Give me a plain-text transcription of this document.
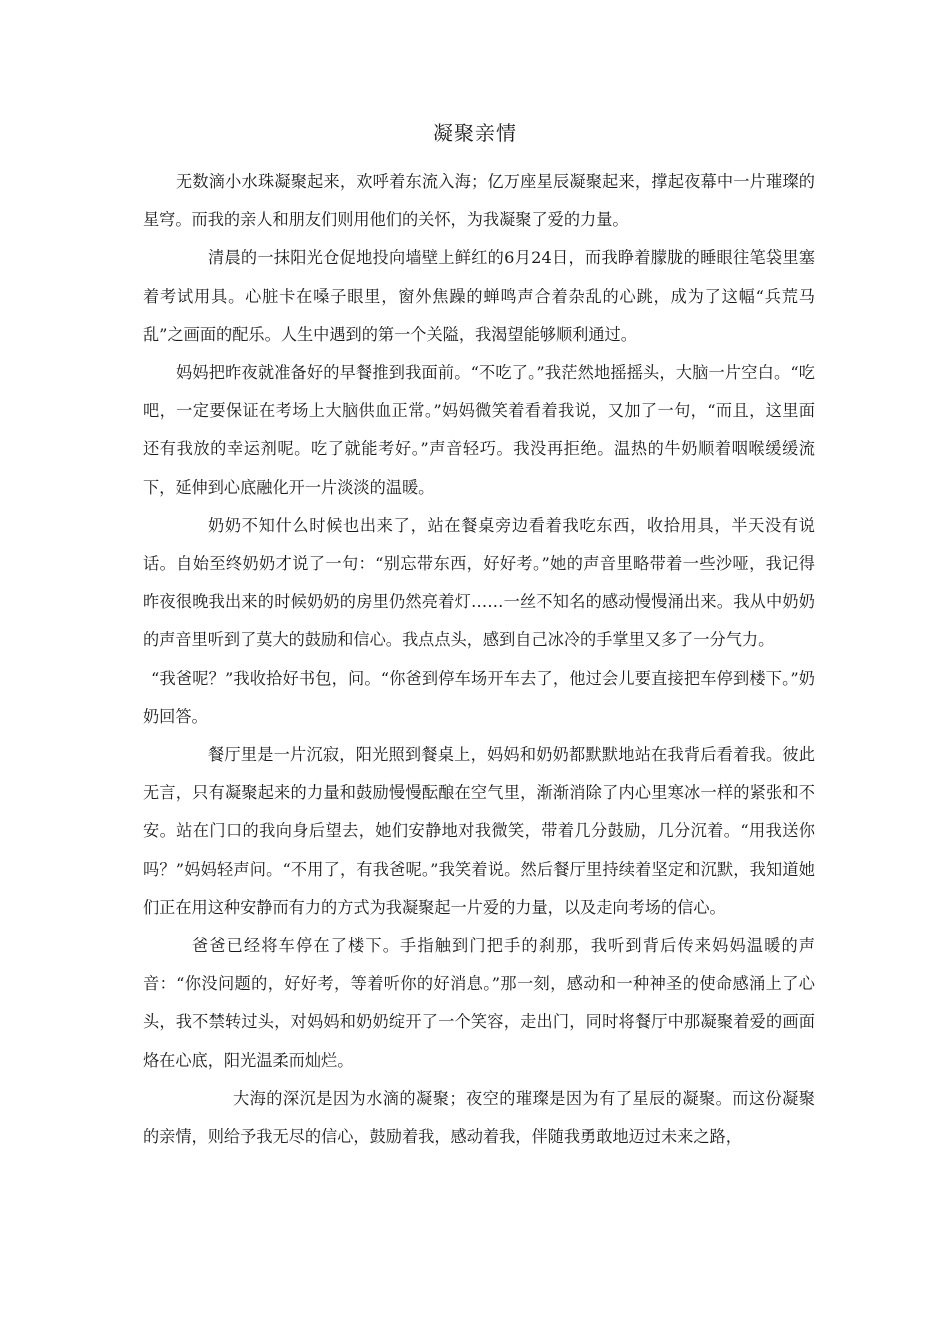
凝聚亲情

无数滴小水珠凝聚起来，欢呼着东流入海；亿万座星辰凝聚起来，撑起夜幕中一片璀璨的星穹。而我的亲人和朋友们则用他们的关怀，为我凝聚了爱的力量。

清晨的一抹阳光仓促地投向墙壁上鲜红的6月24日，而我睁着朦胧的睡眼往笔袋里塞着考试用具。心脏卡在嗓子眼里，窗外焦躁的蝉鸣声合着杂乱的心跳，成为了这幅“兵荒马乱”之画面的配乐。人生中遇到的第一个关隘，我渴望能够顺利通过。

妈妈把昨夜就准备好的早餐推到我面前。“不吃了。”我茫然地摇摇头，大脑一片空白。“吃吧，一定要保证在考场上大脑供血正常。”妈妈微笑着看着我说，又加了一句，“而且，这里面还有我放的幸运剂呢。吃了就能考好。”声音轻巧。我没再拒绝。温热的牛奶顺着咽喉缓缓流下，延伸到心底融化开一片淡淡的温暖。

奶奶不知什么时候也出来了，站在餐桌旁边看着我吃东西，收拾用具，半天没有说话。自始至终奶奶才说了一句：“别忘带东西，好好考。”她的声音里略带着一些沙哑，我记得昨夜很晚我出来的时候奶奶的房里仍然亮着灯……一丝不知名的感动慢慢涌出来。我从中奶奶的声音里听到了莫大的鼓励和信心。我点点头，感到自己冰冷的手掌里又多了一分气力。

“我爸呢？”我收拾好书包，问。“你爸到停车场开车去了，他过会儿要直接把车停到楼下。”奶奶回答。

餐厅里是一片沉寂，阳光照到餐桌上，妈妈和奶奶都默默地站在我背后看着我。彼此无言，只有凝聚起来的力量和鼓励慢慢酝酿在空气里，渐渐消除了内心里寒冰一样的紧张和不安。站在门口的我向身后望去，她们安静地对我微笑，带着几分鼓励，几分沉着。“用我送你吗？”妈妈轻声问。“不用了，有我爸呢。”我笑着说。然后餐厅里持续着坚定和沉默，我知道她们正在用这种安静而有力的方式为我凝聚起一片爱的力量，以及走向考场的信心。

爸爸已经将车停在了楼下。手指触到门把手的刹那，我听到背后传来妈妈温暖的声音：“你没问题的，好好考，等着听你的好消息。”那一刻，感动和一种神圣的使命感涌上了心头，我不禁转过头，对妈妈和奶奶绽开了一个笑容，走出门，同时将餐厅中那凝聚着爱的画面烙在心底，阳光温柔而灿烂。

大海的深沉是因为水滴的凝聚；夜空的璀璨是因为有了星辰的凝聚。而这份凝聚的亲情，则给予我无尽的信心，鼓励着我，感动着我，伴随我勇敢地迈过未来之路，
